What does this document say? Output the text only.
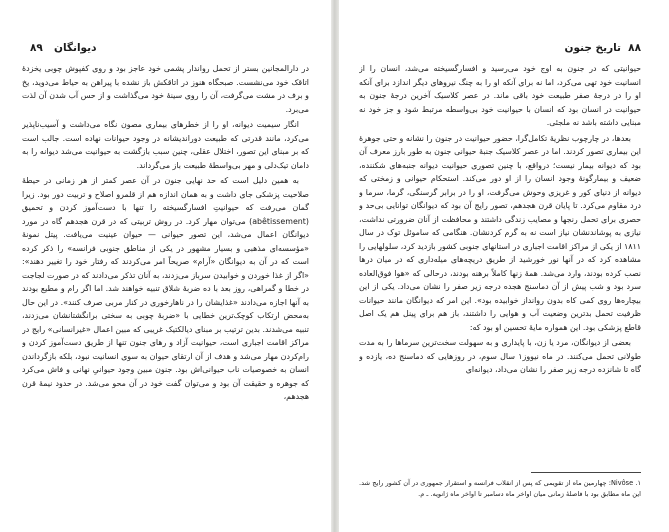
دیوانگان
۸۹

در دارالمجانین بستر از تحمل رواندار پشمی خود عاجز بود و روی کفپوش چوبی یخزدۀ اتاقک خود می‌نشست. صبحگاه هنوز در اتاقکش باز نشده با پیراهن به حیاط می‌دوید، یخ و برف در مشت می‌گرفت، آن را روی سینۀ خود می‌گذاشت و از حس آب شدن آن لذت می‌برد.

انگار سیمیت دیوانه، او را از خطرهای بیماری مصون نگاه می‌داشت و آسیب‌ناپذیر می‌کرد، مانند قدرتی که طبیعت دوراندیشانه در وجود حیوانات نهاده است. جالب است که بر مبنای این تصور، اختلال عقلی، چنین سبب بازگشت به حیوانیت می‌شد دیوانه را به دامان تیک‌دلی و مهر بی‌واسطۀ طبیعت باز می‌گرداند.

به همین دلیل است که حد نهایی جنون در آن عصر کمتر از هر زمانی در حیطۀ صلاحیت پزشکی جای داشت و به همان اندازه هم از قلمرو اصلاح و تربیت دور بود. زیرا گمان می‌رفت که حیوانیتِ افسارگسیخته را تنها با دست‌آموز کردن و تحمیق (abêtissement) می‌توان مهار کرد. در روش تربیتی که در قرن هجدهم گاه در مورد دیوانگان اعمال می‌شد، این تصور حیوانی — حیوان عینیت می‌یافت. پیتل نمونۀ «مؤسسه‌ای مذهبی و بسیار مشهور در یکی از مناطق جنوبی فرانسه» را ذکر کرده است که در آن به دیوانگان «آرام» صریحاً امر می‌کردند که رفتار خود را تغییر دهند»: «اگر از غذا خوردن و خوابیدن سرباز می‌زدند، به آنان تذکر می‌دادند که در صورت لجاجت در خطا و گمراهی، روز بعد با ده ضربۀ شلاق تنبیه خواهند شد. اما اگر رام و مطیع بودند به آنها اجازه می‌دادند «غذایشان را در ناهارخوری در کنار مربی صرف کنند». در این حال به‌محض ارتکاب کوچک‌ترین خطایی با «ضربۀ چوبی به سختی برانگشتانشان می‌زدند، تنبیه می‌شدند. بدین ترتیب بر مبنای دیالکتیک غریبی که مبین اعمال «غیرانسانی» رایج در مراکز اقامت اجباری است، حیوانیت آزاد و رهای جنون تنها از طریق دست‌آموز کردن و رام‌کردن مهار می‌شد و هدف از آن ارتقای حیوان به سوی انسانیت نبود، بلکه بازگرداندن انسان به خصوصیات ناب حیوانی‌اش بود. جنون مبین وجود حیوانیِ نهانی و فاش می‌کرد که جوهره و حقیقت آن بود و می‌توان گفت خود در آن محو می‌شد. در حدود نیمۀ قرن هجدهم،

۸۸
تاریخ جنون

حیوانیتی که در جنون به اوج خود می‌رسید و افسارگسیخته می‌شد، انسان را از انسانیت خود تهی می‌کرد، اما نه برای آنکه او را به چنگ نیروهای دیگر اندازد برای آنکه او را در درجۀ صفر طبیعت خود باقی ماند. در عصر کلاسیک آخرین درجۀ جنون به حیوانیت در انسان بود که انسان با حیوانیت خود بی‌واسطه مرتبط شود و جز خود نه مبنایی داشته باشد نه ملجئی.

بعدها، در چارچوب نظریۀ تکامل‌گرا، حضور حیوانیت در جنون را نشانه و حتی جوهرۀ این بیماری تصور کردند. اما در عصر کلاسیک جنبۀ حیوانی جنون به طور بارز معرف آن بود که دیوانه بیمار نیست؛ درواقع، با چنین تصوری حیوانیت دیوانه جنبه‌های شکننده، ضعیف و بیمارگونۀ وجود انسان را از او دور می‌کند. استحکام حیوانی و زمختی که دیوانه از دنیای کور و غریزی وحوش می‌گرفت، او را در برابر گرسنگی، گرما، سرما و درد مقاوم می‌کرد. تا پایان قرن هجدهم، تصور رایج آن بود که دیوانگان توانایی بی‌حد و حصری برای تحمل رنجها و مصایب زندگی داشتند و محافظت از آنان ضرورتی نداشت، نیازی به پوشاندنشان نیاز است نه به گرم کردنشان. هنگامی که ساموئل توک در سال ۱۸۱۱ از یکی از مراکز اقامت اجباری در استانهای جنوبی کشور بازدید کرد، سلولهایی را مشاهده کرد که در آنها نور خورشید از طریق دریچه‌های میله‌داری که در میان درها نصب کرده بودند، وارد می‌شد. همۀ زنها کاملاً برهنه بودند، درحالی که «هوا فوق‌العاده سرد بود و شب پیش از آن دماسنج هجده درجه زیر صفر را نشان می‌داد. یکی از این بیچاره‌ها روی کمی کاه بدون روانداز خوابیده بود». این امر که دیوانگان مانند حیوانات ظرفیت تحمل بدترین وضعیت آب و هوایی را داشتند، باز هم برای پینل هم یک اصل قاطع پزشکی بود. این همواره مایۀ تحسین او بود که:

بعضی از دیوانگان، مرد یا زن، با پایداری و به سهولت سخت‌ترین سرماها را به مدت طولانی تحمل می‌کنند. در ماه نیووز۱ سال سوم، در روزهایی که دماسنج ده، یازده و گاه تا شانزده درجه زیر صفر را نشان می‌داد، دیوانه‌ای

۱. Nivôse: چهارمین ماه از تقویمی که پس از انقلاب فرانسه و استقرار جمهوری در آن کشور رایج شد. این ماه مطابق بود با فاصلۀ زمانی میان اواخر ماه دسامبر تا اواخر ماه ژانویه. ـ م.
